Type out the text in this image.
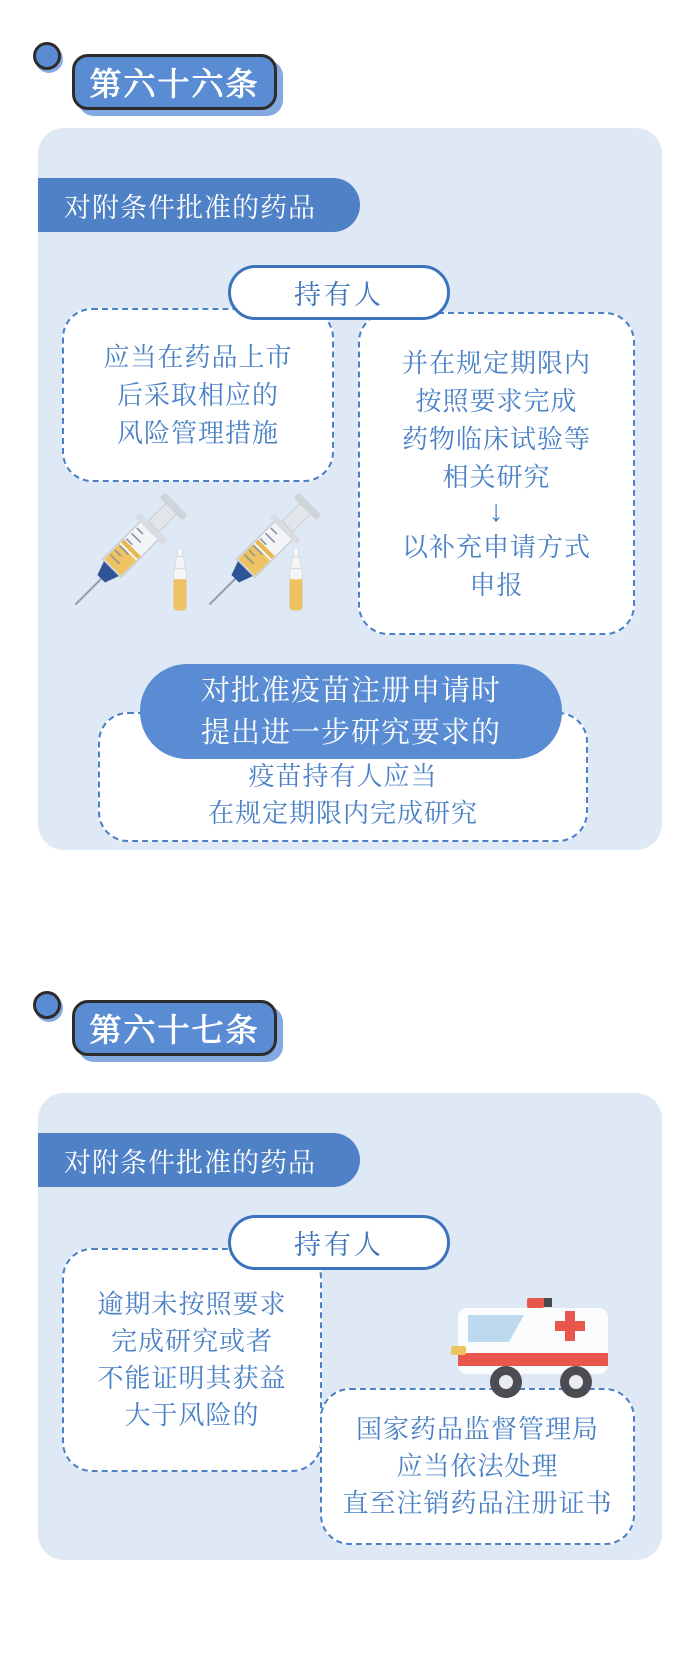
第六十六条
对附条件批准的药品
持有人
应当在药品上市
后采取相应的
风险管理措施
并在规定期限内
按照要求完成
药物临床试验等
相关研究
↓
以补充申请方式
申报
疫苗持有人应当
在规定期限内完成研究
对批准疫苗注册申请时
提出进一步研究要求的
第六十七条
对附条件批准的药品
持有人
逾期未按照要求
完成研究或者
不能证明其获益
大于风险的	国家药品监督管理局
应当依法处理
直至注销药品注册证书
